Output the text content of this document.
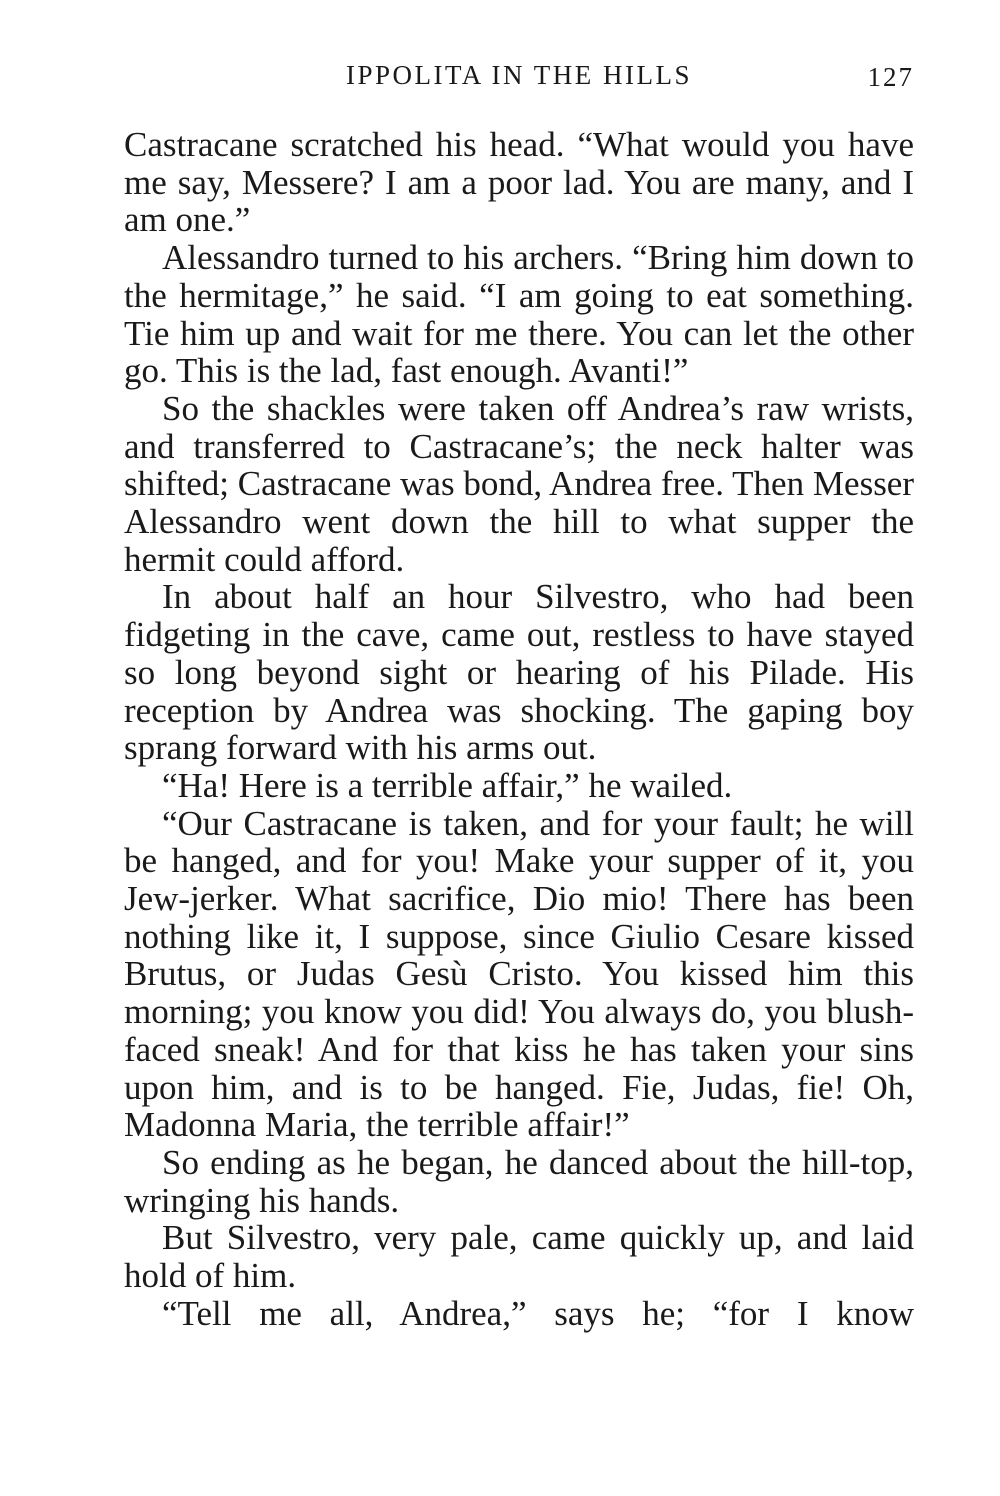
IPPOLITA IN THE HILLS	127

Castracane scratched his head. “What would you have me say, Messere? I am a poor lad. You are many, and I am one.”

Alessandro turned to his archers. “Bring him down to the hermitage,” he said. “I am going to eat something. Tie him up and wait for me there. You can let the other go. This is the lad, fast enough. Avanti!”

So the shackles were taken off Andrea’s raw wrists, and transferred to Castracane’s; the neck halter was shifted; Castracane was bond, Andrea free. Then Messer Alessandro went down the hill to what supper the hermit could afford.

In about half an hour Silvestro, who had been fidgeting in the cave, came out, restless to have stayed so long beyond sight or hearing of his Pilade. His reception by Andrea was shocking. The gaping boy sprang forward with his arms out.

“Ha! Here is a terrible affair,” he wailed.

“Our Castracane is taken, and for your fault; he will be hanged, and for you! Make your supper of it, you Jew-jerker. What sacrifice, Dio mio! There has been nothing like it, I suppose, since Giulio Cesare kissed Brutus, or Judas Gesù Cristo. You kissed him this morning; you know you did! You always do, you blush-faced sneak! And for that kiss he has taken your sins upon him, and is to be hanged. Fie, Judas, fie! Oh, Madonna Maria, the terrible affair!”

So ending as he began, he danced about the hill-top, wringing his hands.

But Silvestro, very pale, came quickly up, and laid hold of him.

“Tell me all, Andrea,” says he; “for I know
